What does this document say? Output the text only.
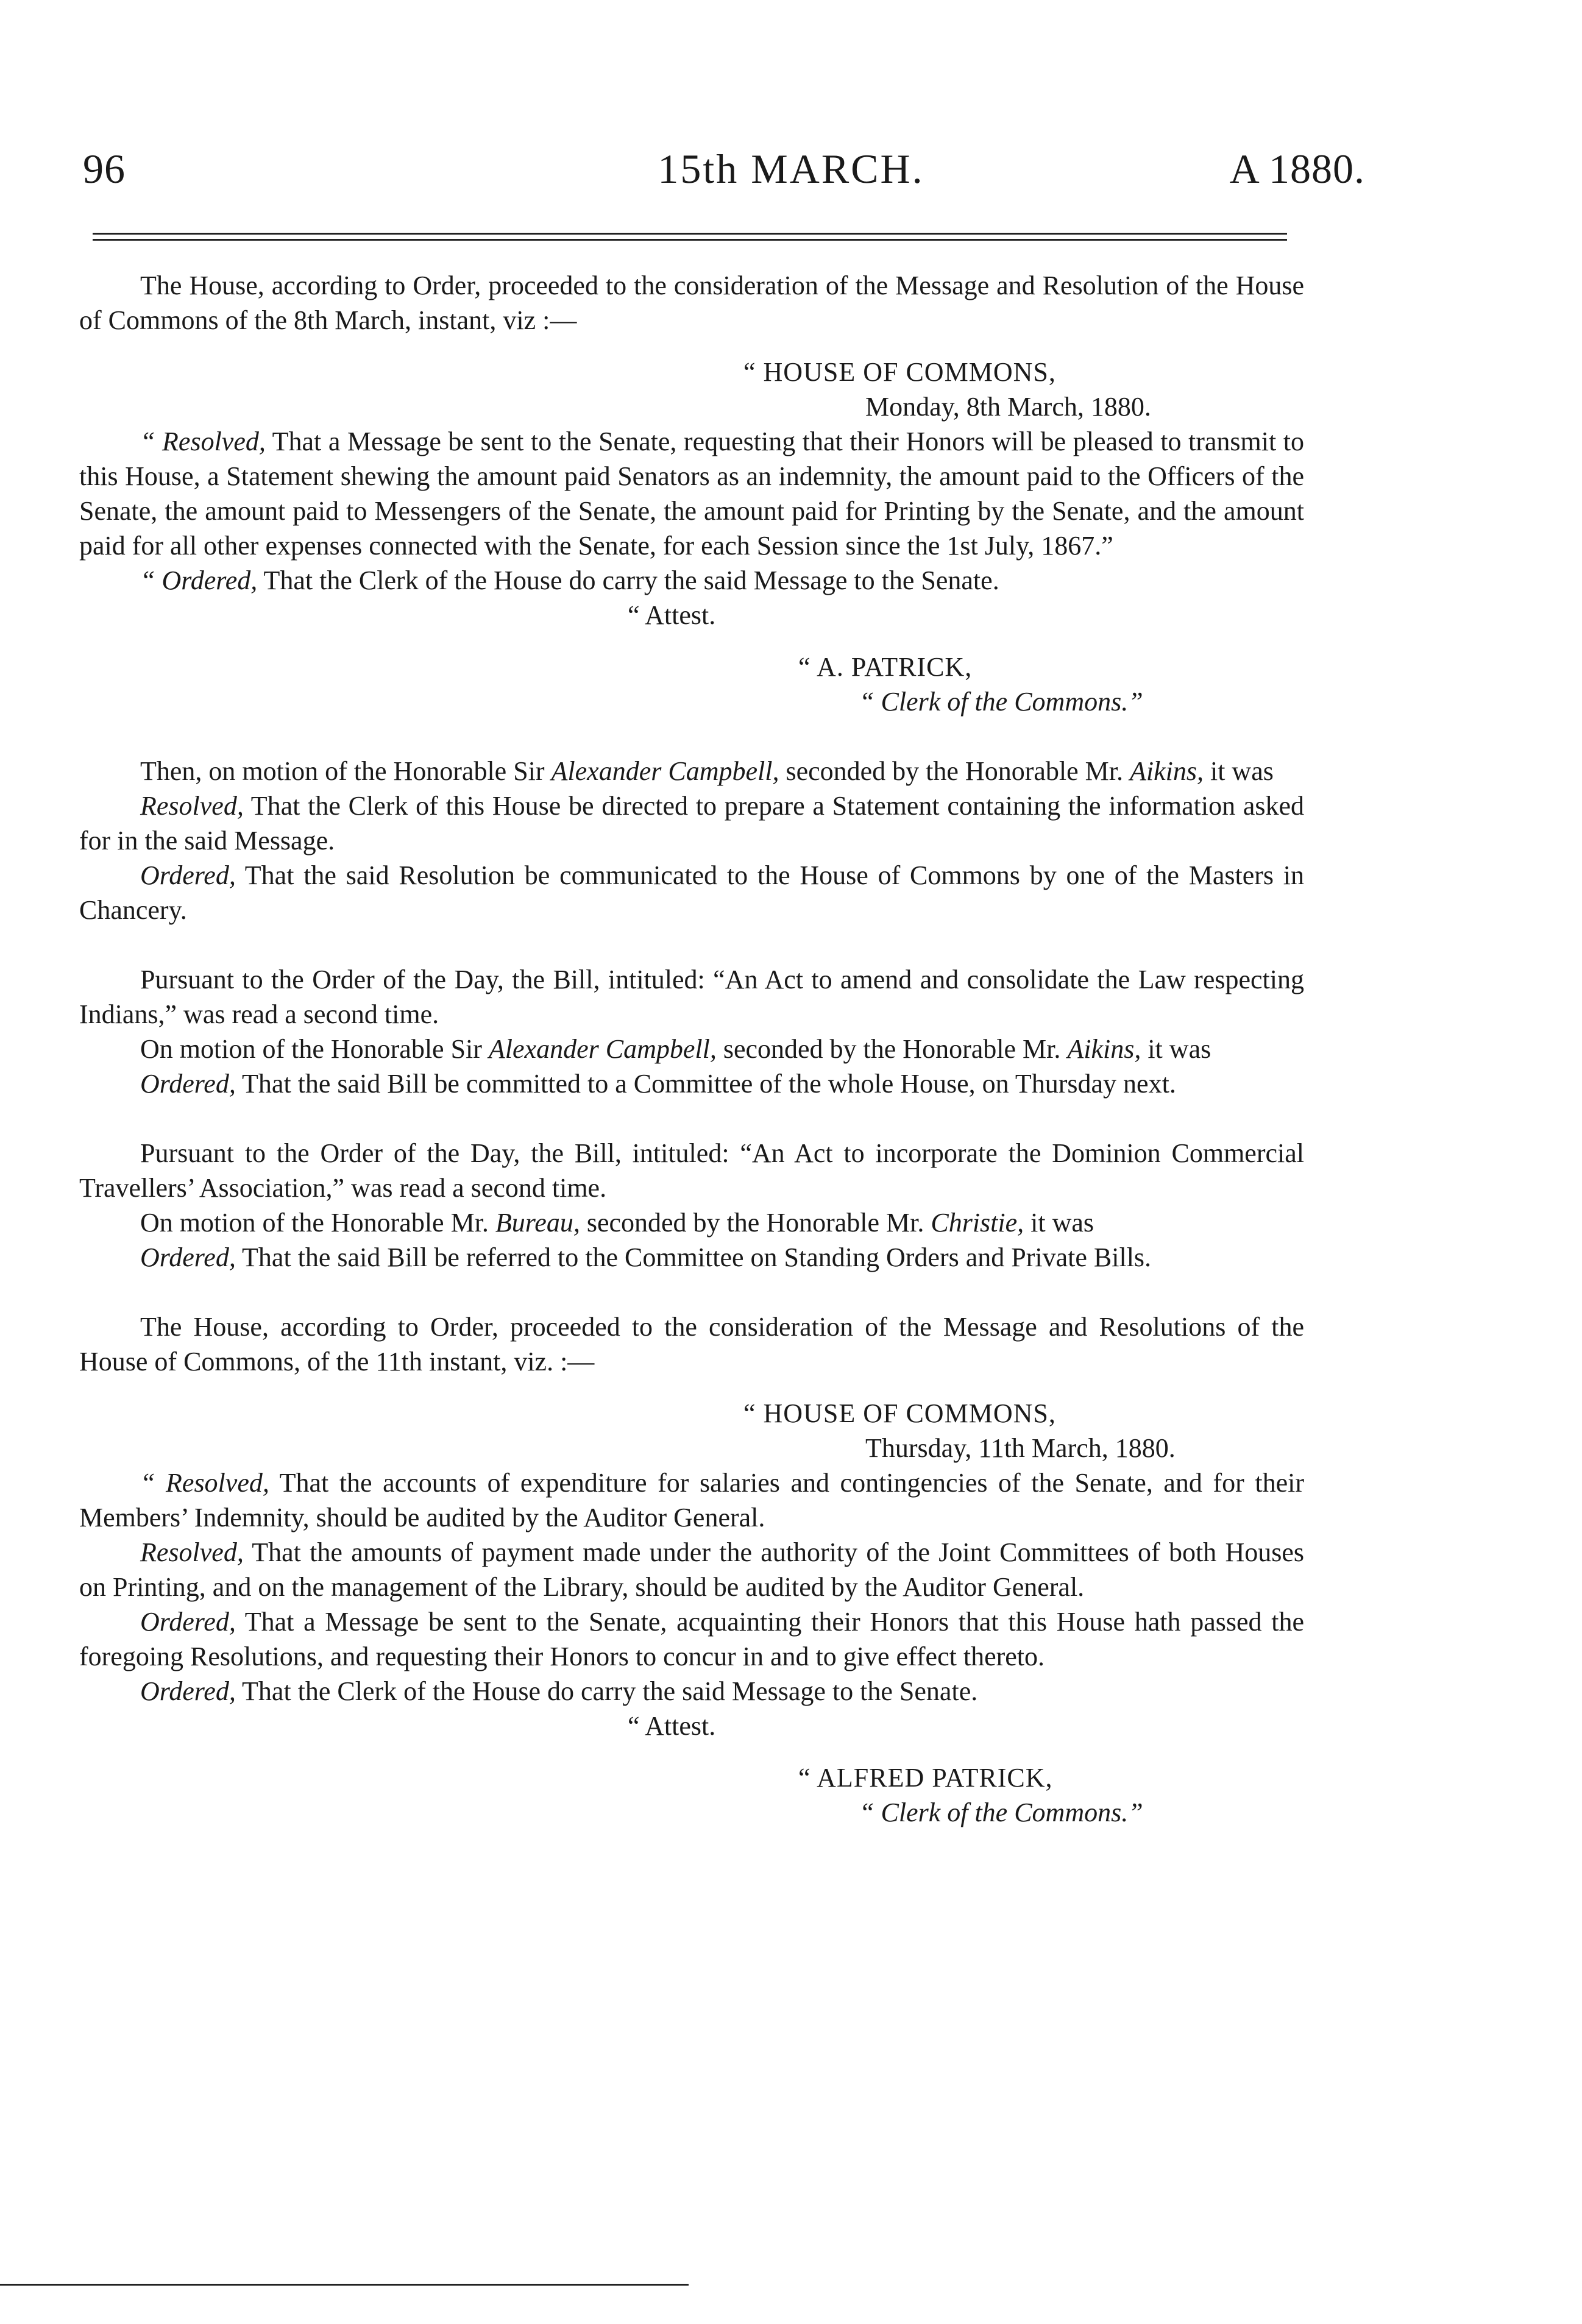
15th MARCH.
96	A 1880.

The House, according to Order, proceeded to the consideration of the Message and Resolution of the House of Commons of the 8th March, instant, viz :—

“ HOUSE OF COMMONS,

Monday, 8th March, 1880.

“ Resolved, That a Message be sent to the Senate, requesting that their Honors will be pleased to transmit to this House, a Statement shewing the amount paid Senators as an indemnity, the amount paid to the Officers of the Senate, the amount paid to Messengers of the Senate, the amount paid for Printing by the Senate, and the amount paid for all other expenses connected with the Senate, for each Session since the 1st July, 1867.”

“ Ordered, That the Clerk of the House do carry the said Message to the Senate.

“ Attest.

“ A. PATRICK,

“ Clerk of the Commons.”

Then, on motion of the Honorable Sir Alexander Campbell, seconded by the Honorable Mr. Aikins, it was

Resolved, That the Clerk of this House be directed to prepare a Statement containing the information asked for in the said Message.

Ordered, That the said Resolution be communicated to the House of Commons by one of the Masters in Chancery.

Pursuant to the Order of the Day, the Bill, intituled: “An Act to amend and consolidate the Law respecting Indians,” was read a second time.

On motion of the Honorable Sir Alexander Campbell, seconded by the Honorable Mr. Aikins, it was

Ordered, That the said Bill be committed to a Committee of the whole House, on Thursday next.

Pursuant to the Order of the Day, the Bill, intituled: “An Act to incorporate the Dominion Commercial Travellers’ Association,” was read a second time.

On motion of the Honorable Mr. Bureau, seconded by the Honorable Mr. Christie, it was

Ordered, That the said Bill be referred to the Committee on Standing Orders and Private Bills.

The House, according to Order, proceeded to the consideration of the Message and Resolutions of the House of Commons, of the 11th instant, viz. :—

“ HOUSE OF COMMONS,

Thursday, 11th March, 1880.

“ Resolved, That the accounts of expenditure for salaries and contingencies of the Senate, and for their Members’ Indemnity, should be audited by the Auditor General.

Resolved, That the amounts of payment made under the authority of the Joint Committees of both Houses on Printing, and on the management of the Library, should be audited by the Auditor General.

Ordered, That a Message be sent to the Senate, acquainting their Honors that this House hath passed the foregoing Resolutions, and requesting their Honors to concur in and to give effect thereto.

Ordered, That the Clerk of the House do carry the said Message to the Senate.

“ Attest.

“ ALFRED PATRICK,

“ Clerk of the Commons.”
